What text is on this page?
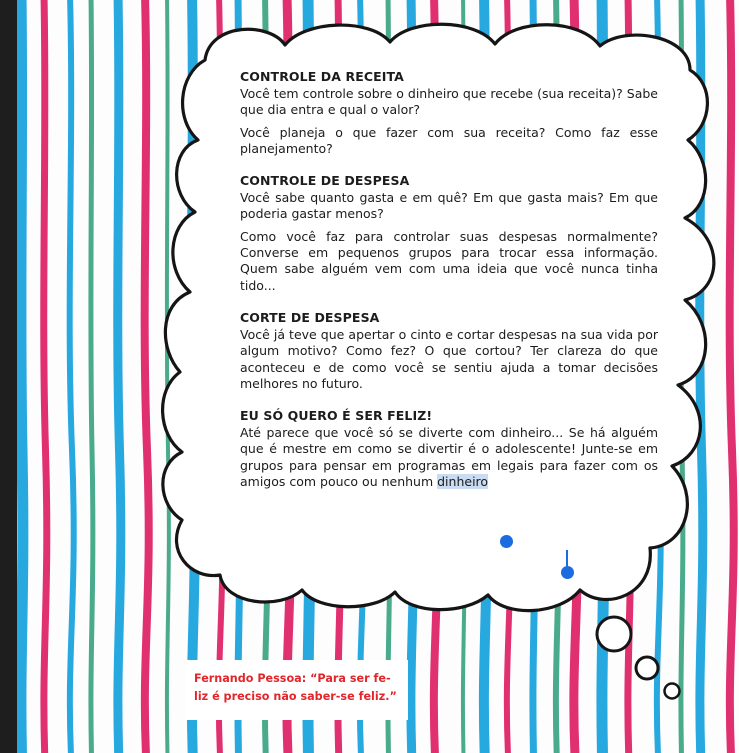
CONTROLE DA RECEITA

Você tem controle sobre o dinheiro que recebe (sua receita)? Sabe que dia entra e qual o valor?

Você planeja o que fazer com sua receita? Como faz esse planejamento?

CONTROLE DE DESPESA

Você sabe quanto gasta e em quê? Em que gasta mais? Em que poderia gastar menos?

Como você faz para controlar suas despesas normalmente? Converse em pequenos grupos para trocar essa informação. Quem sabe alguém vem com uma ideia que você nunca tinha tido...

CORTE DE DESPESA

Você já teve que apertar o cinto e cortar despesas na sua vida por algum motivo? Como fez? O que cortou? Ter clareza do que aconteceu e de como você se sentiu ajuda a tomar decisões melhores no futuro.

EU SÓ QUERO É SER FELIZ!

Até parece que você só se diverte com dinheiro... Se há alguém que é mestre em como se divertir é o adolescente! Junte-se em grupos para pensar em programas em legais para fazer com os amigos com pouco ou nenhum dinheiro

Fernando Pessoa: “Para ser fe-
liz é preciso não saber-se feliz.”
